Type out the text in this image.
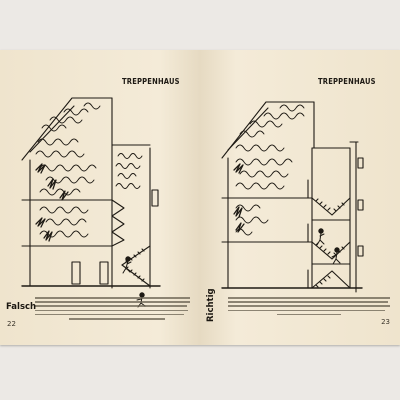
TREPPENHAUS
Falsch
22
TREPPENHAUS
Richtig	23
